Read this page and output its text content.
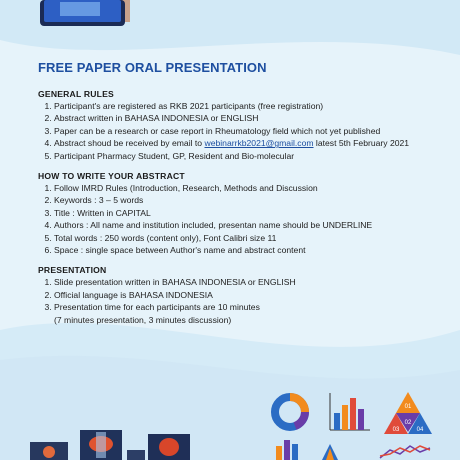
FREE PAPER ORAL PRESENTATION
GENERAL RULES
1. Participant's are registered as RKB 2021 participants (free registration)
2. Abstract written in BAHASA INDONESIA or ENGLISH
3. Paper can be a research or case report in Rheumatology field which not yet published
4. Abstract shoud be received by email to webinarrkb2021@gmail.com latest 5th February 2021
5. Participant Pharmacy Student, GP, Resident and Bio-molecular
HOW TO WRITE YOUR ABSTRACT
1. Follow IMRD Rules (Introduction, Research, Methods and Discussion
2. Keywords : 3 – 5 words
3. Title : Written in CAPITAL
4. Authors : All name and institution included, presentan name should be UNDERLINE
5. Total words : 250 words (content only), Font Calibri size 11
6. Space : single space between Author's name and abstract content
PRESENTATION
1. Slide presentation written in BAHASA INDONESIA or ENGLISH
2. Official language is BAHASA INDONESIA
3. Presentation time for each participants are 10 minutes
(7 minutes presentation, 3 minutes discussion)
01
02
03	04
